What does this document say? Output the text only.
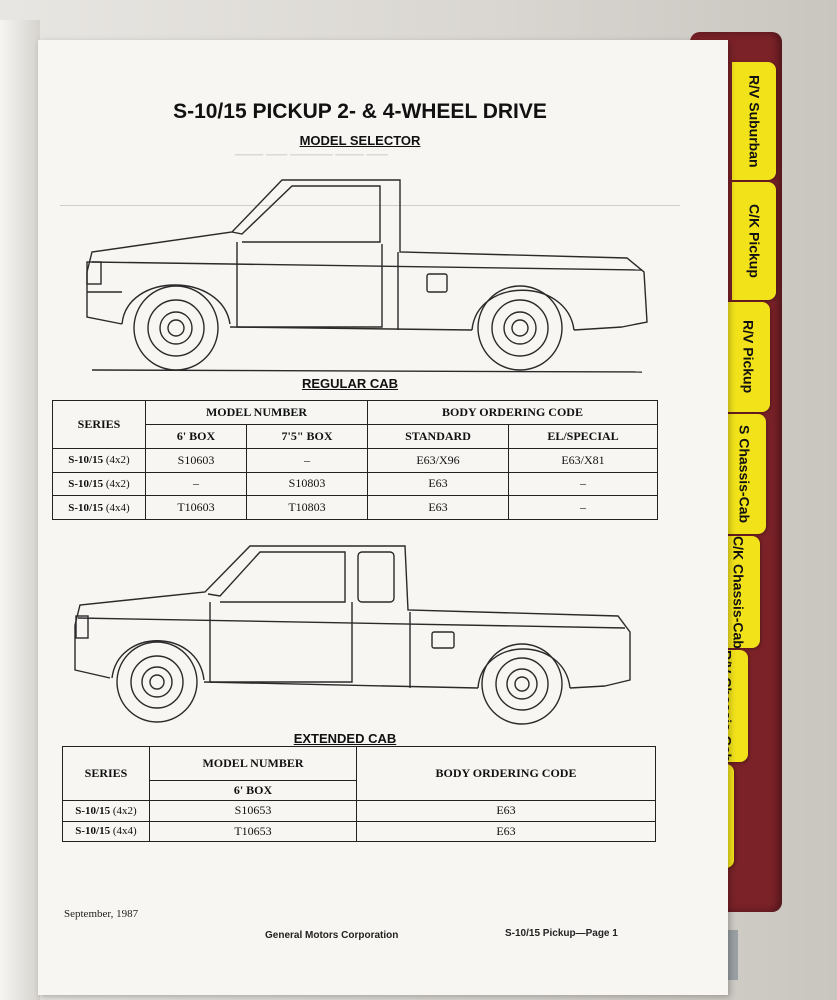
R/V Suburban
C/K Pickup
R/V Pickup
S Chassis-Cab
C/K Chassis-Cab
──── ─── ────── ──── ───
S-10/15 PICKUP 2- & 4-WHEEL DRIVE
MODEL SELECTOR
REGULAR CAB
SERIES	MODEL NUMBER		BODY ORDERING CODE	
	6' BOX	7'5" BOX	STANDARD	EL/SPECIAL
S-10/15 (4x2)	S10603	–	E63/X96	E63/X81
S-10/15 (4x2)	–	S10803	E63	–
S-10/15 (4x4)	T10603	T10803	E63	–
EXTENDED CAB
SERIES	MODEL NUMBER	BODY ORDERING CODE
	6' BOX	
S-10/15 (4x2)	S10653	E63
S-10/15 (4x4)	T10653	E63
September, 1987
General Motors Corporation	S-10/15 Pickup—Page 1
